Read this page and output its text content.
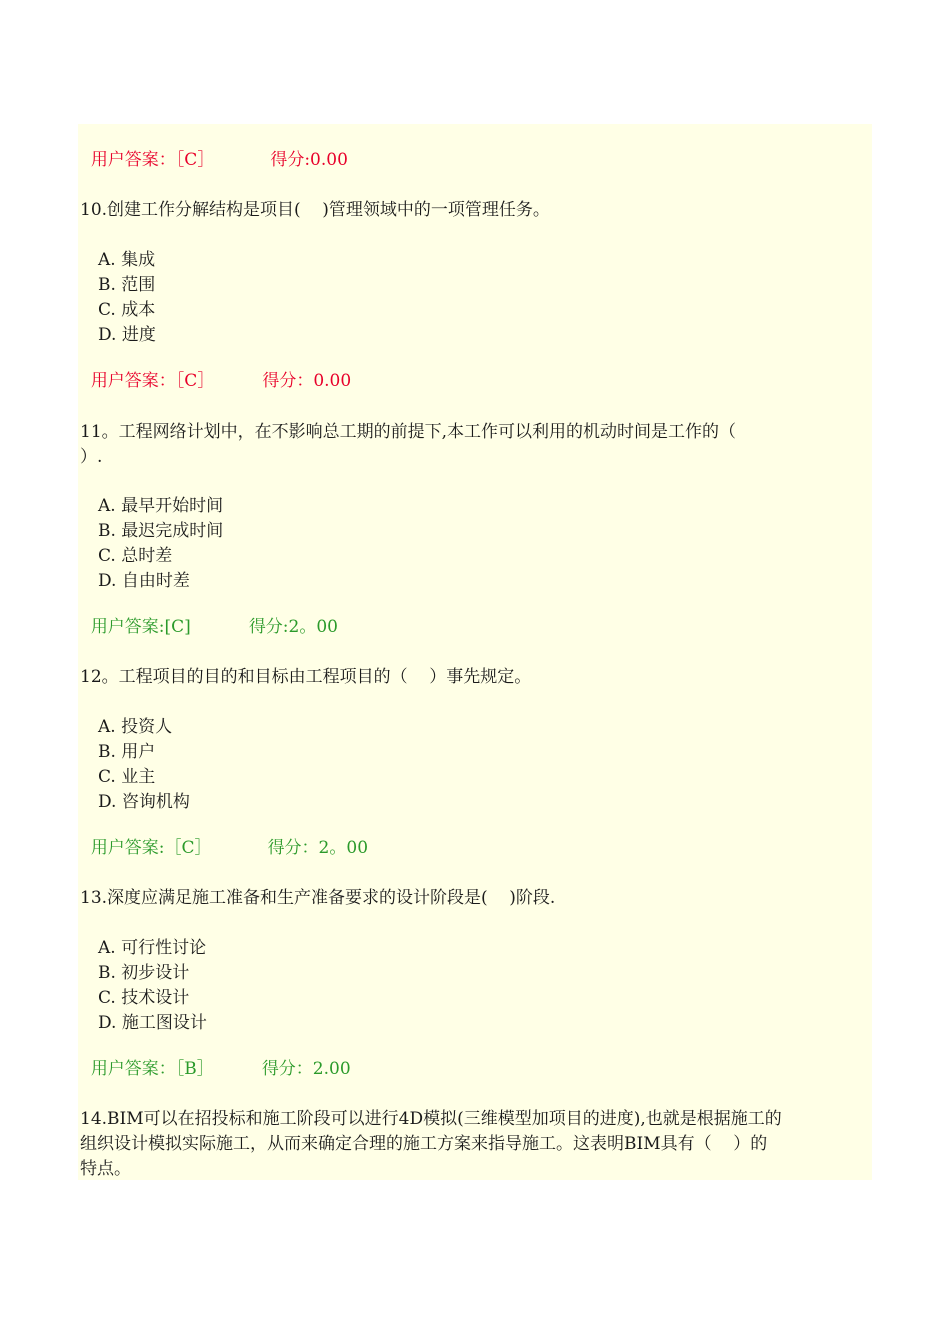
用户答案：［C］	得分:0.00

10.创建工作分解结构是项目(    )管理领域中的一项管理任务。
A. 集成
B. 范围
C. 成本
D. 进度

用户答案：［C］	得分：0.00

11。工程网络计划中，在不影响总工期的前提下,本工作可以利用的机动时间是工作的（
）.
A. 最早开始时间
B. 最迟完成时间
C. 总时差
D. 自由时差

用户答案:[C]	得分:2。00

12。工程项目的目的和目标由工程项目的（    ）事先规定。
A. 投资人
B. 用户
C. 业主
D. 咨询机构

用户答案:［C］	得分：2。00

13.深度应满足施工准备和生产准备要求的设计阶段是(    )阶段.
A. 可行性讨论
B. 初步设计
C. 技术设计
D. 施工图设计

用户答案：［B］	得分：2.00

14.BIM可以在招投标和施工阶段可以进行4D模拟(三维模型加项目的进度),也就是根据施工的
组织设计模拟实际施工，从而来确定合理的施工方案来指导施工。这表明BIM具有（    ）的
特点。
